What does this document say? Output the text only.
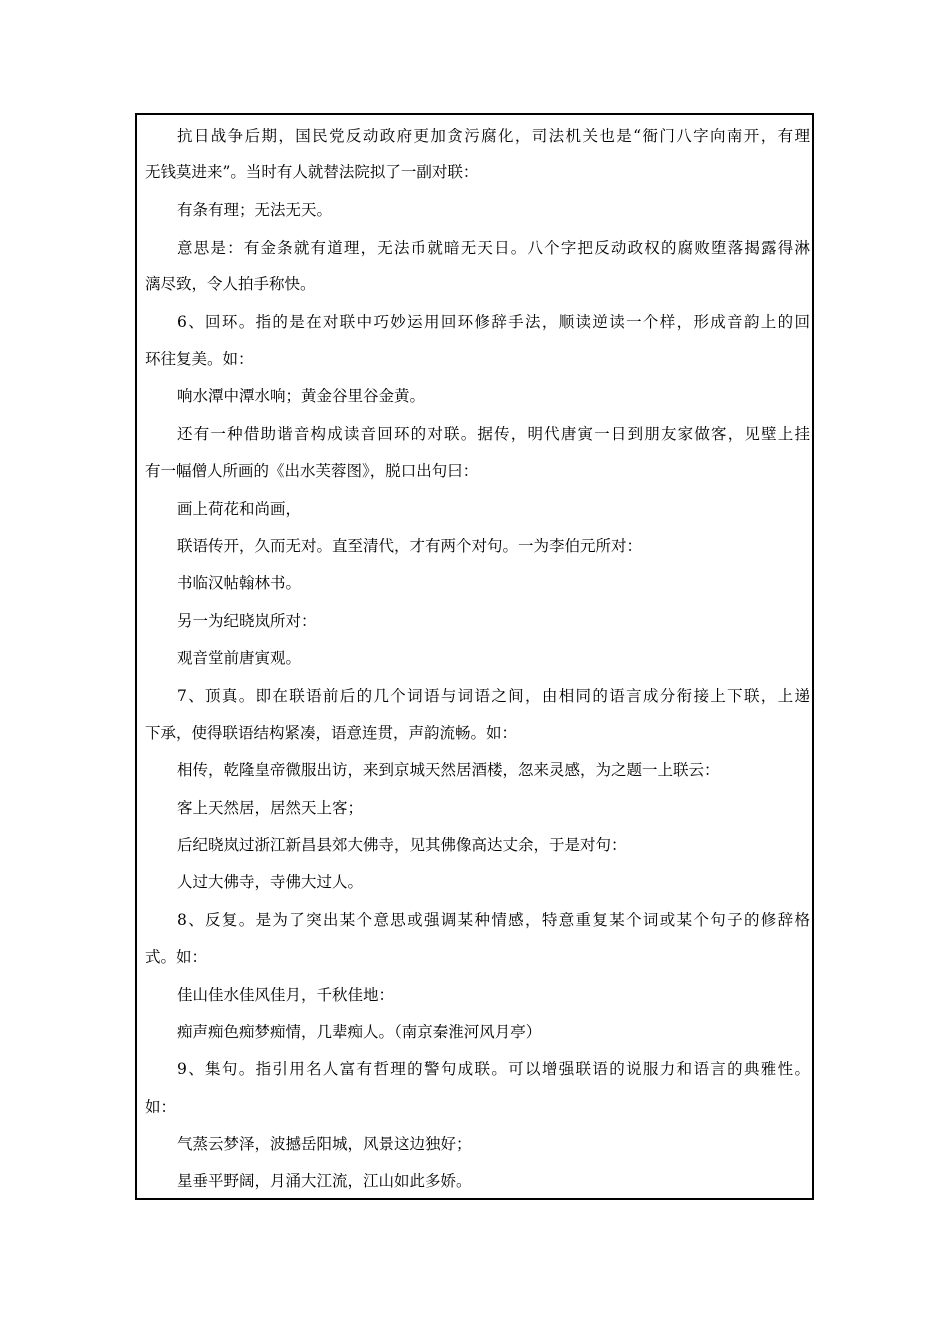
抗日战争后期，国民党反动政府更加贪污腐化，司法机关也是“衙门八字向南开，有理
无钱莫进来”。当时有人就替法院拟了一副对联：
有条有理；无法无天。
意思是：有金条就有道理，无法币就暗无天日。八个字把反动政权的腐败堕落揭露得淋
漓尽致，令人拍手称快。
6、回环。指的是在对联中巧妙运用回环修辞手法，顺读逆读一个样，形成音韵上的回
环往复美。如：
响水潭中潭水响；黄金谷里谷金黄。
还有一种借助谐音构成读音回环的对联。据传，明代唐寅一日到朋友家做客，见壁上挂
有一幅僧人所画的《出水芙蓉图》，脱口出句曰：
画上荷花和尚画，
联语传开，久而无对。直至清代，才有两个对句。一为李伯元所对：
书临汉帖翰林书。
另一为纪晓岚所对：
观音堂前唐寅观。
7、顶真。即在联语前后的几个词语与词语之间，由相同的语言成分衔接上下联，上递
下承，使得联语结构紧凑，语意连贯，声韵流畅。如：
相传，乾隆皇帝微服出访，来到京城天然居酒楼，忽来灵感，为之题一上联云：
客上天然居，居然天上客；
后纪晓岚过浙江新昌县郊大佛寺，见其佛像高达丈余，于是对句：
人过大佛寺，寺佛大过人。
8、反复。是为了突出某个意思或强调某种情感，特意重复某个词或某个句子的修辞格
式。如：
佳山佳水佳风佳月，千秋佳地：
痴声痴色痴梦痴情，几辈痴人。（南京秦淮河风月亭）
9、集句。指引用名人富有哲理的警句成联。可以增强联语的说服力和语言的典雅性。
如：
气蒸云梦泽，波撼岳阳城，风景这边独好；
星垂平野阔，月涌大江流，江山如此多娇。
